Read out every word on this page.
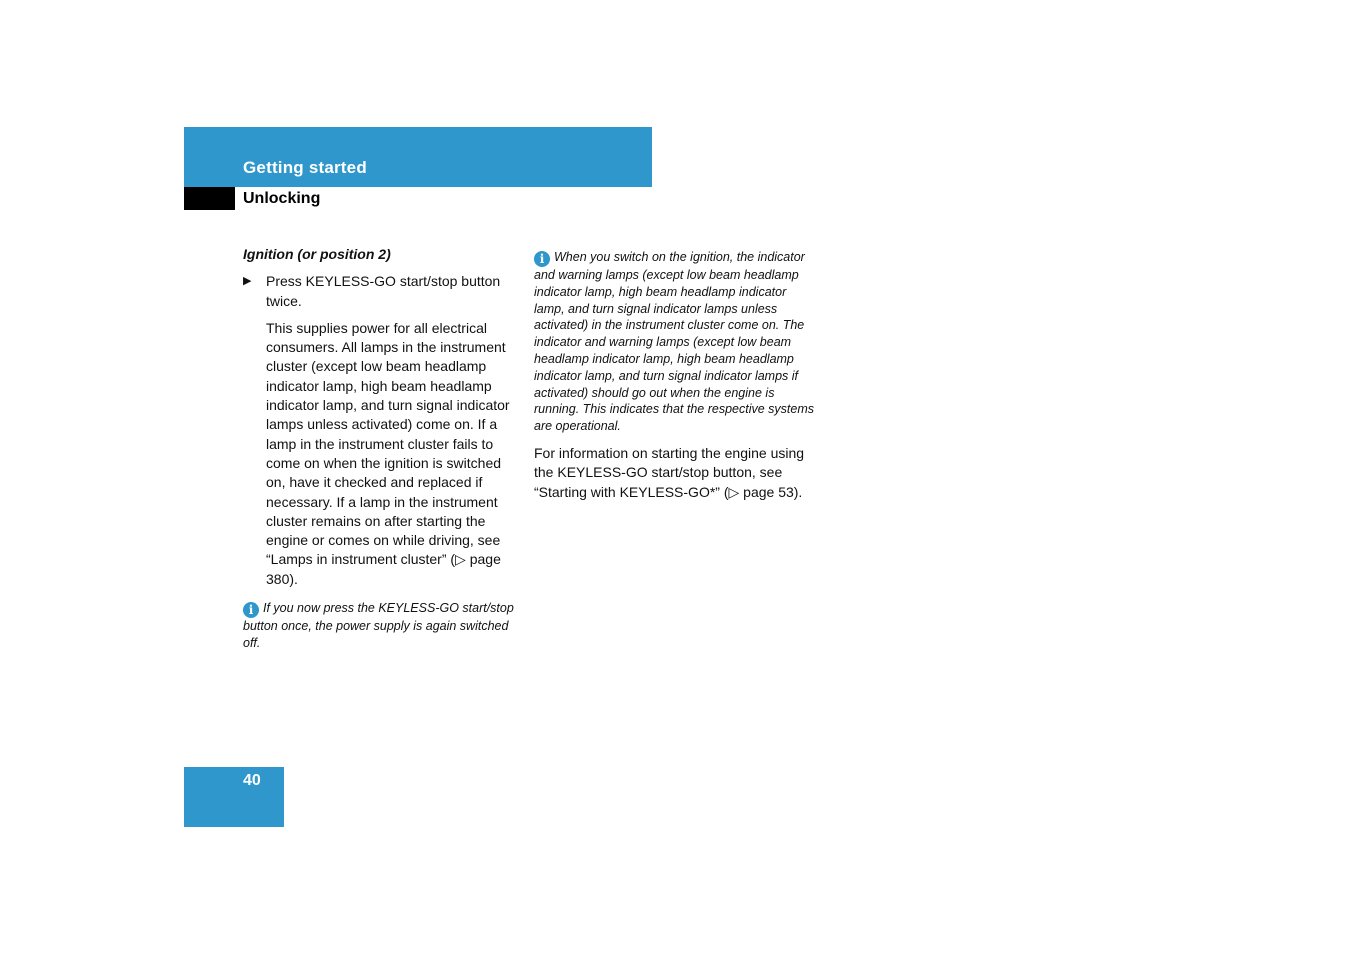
Getting started
Unlocking

Ignition (or position 2)

▶ Press KEYLESS-GO start/stop button twice.

This supplies power for all electrical consumers. All lamps in the instrument cluster (except low beam headlamp indicator lamp, high beam headlamp indicator lamp, and turn signal indicator lamps unless activated) come on. If a lamp in the instrument cluster fails to come on when the ignition is switched on, have it checked and replaced if necessary. If a lamp in the instrument cluster remains on after starting the engine or comes on while driving, see “Lamps in instrument cluster” (▷ page 380).

i If you now press the KEYLESS-GO start/stop button once, the power supply is again switched off.

i When you switch on the ignition, the indicator and warning lamps (except low beam headlamp indicator lamp, high beam headlamp indicator lamp, and turn signal indicator lamps unless activated) in the instrument cluster come on. The indicator and warning lamps (except low beam headlamp indicator lamp, high beam headlamp indicator lamp, and turn signal indicator lamps if activated) should go out when the engine is running. This indicates that the respective systems are operational.

For information on starting the engine using the KEYLESS-GO start/stop button, see “Starting with KEYLESS-GO*” (▷ page 53).

40
